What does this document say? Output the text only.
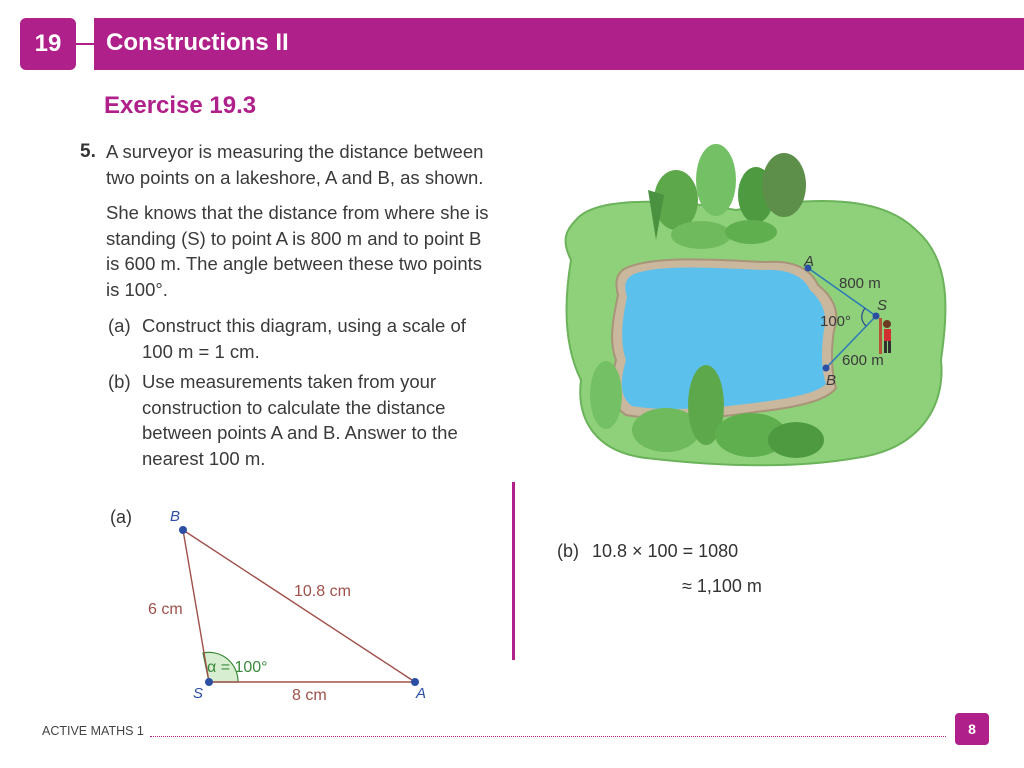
19 Constructions II
Exercise 19.3
5. A surveyor is measuring the distance between
two points on a lakeshore, A and B, as shown.
She knows that the distance from where she is
standing (S) to point A is 800 m and to point B
is 600 m. The angle between these two points
is 100°.
(a) Construct this diagram, using a scale of
100 m = 1 cm.
(b) Use measurements taken from your
construction to calculate the distance
between points A and B. Answer to the
nearest 100 m.
A
S
B
800 m
600 m
100°
(a)	B
S	A
6 cm
10.8 cm
8 cm
α = 100°
(b) 10.8 × 100 = 1080
≈ 1,100 m
ACTIVE MATHS 1	8
